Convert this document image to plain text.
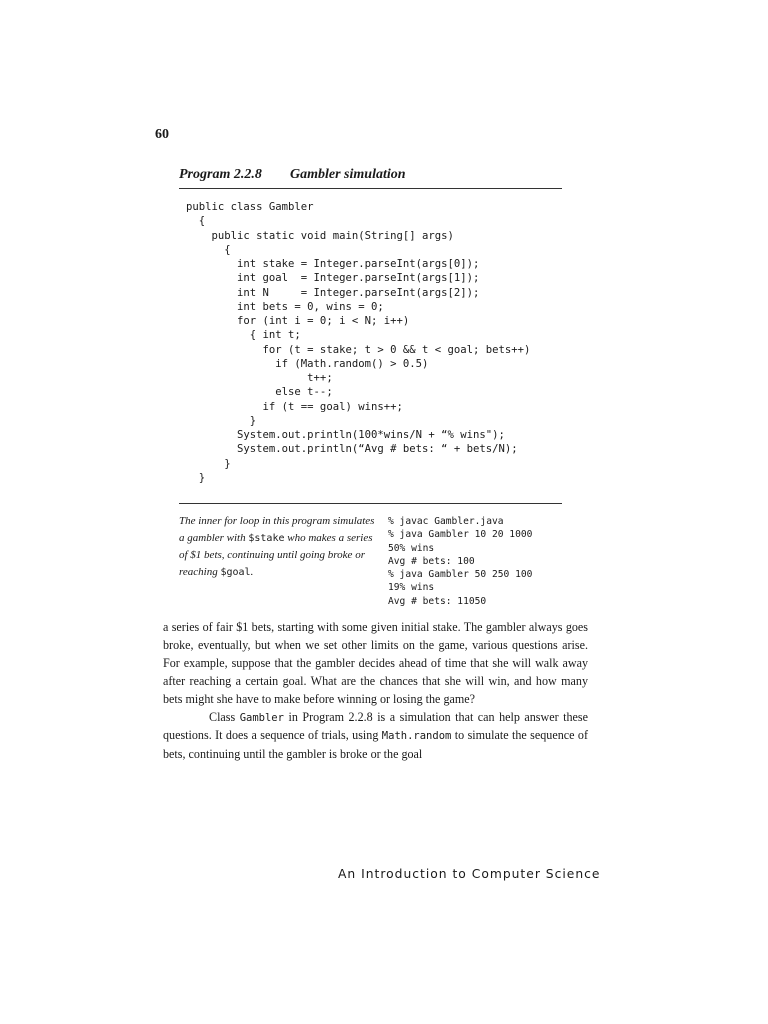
60
Program 2.2.8 Gambler simulation
public class Gambler
{
public static void main(String[] args)
{
int stake = Integer.parseInt(args[0]);
int goal  = Integer.parseInt(args[1]);
int N     = Integer.parseInt(args[2]);
int bets = 0, wins = 0;
for (int i = 0; i < N; i++)
{ int t;
for (t = stake; t > 0 && t < goal; bets++)
if (Math.random() > 0.5)
t++;
else t--;
if (t == goal) wins++;
}
System.out.println(100*wins/N + “% wins");
System.out.println(“Avg # bets: “ + bets/N);
}
}
The inner for loop in this program simulates a gambler with $stake who makes a series of $1 bets, continuing until going broke or reaching $goal.
% javac Gambler.java
% java Gambler 10 20 1000
50% wins
Avg # bets: 100
% java Gambler 50 250 100
19% wins
Avg # bets: 11050

a series of fair $1 bets, starting with some given initial stake. The gambler always goes broke, eventually, but when we set other limits on the game, various questions arise. For example, suppose that the gambler decides ahead of time that she will walk away after reaching a certain goal. What are the chances that she will win, and how many bets might she have to make before winning or losing the game?

Class Gambler in Program 2.2.8 is a simulation that can help answer these questions. It does a sequence of trials, using Math.random to simulate the sequence of bets, continuing until the gambler is broke or the goal

An Introduction to Computer Science
